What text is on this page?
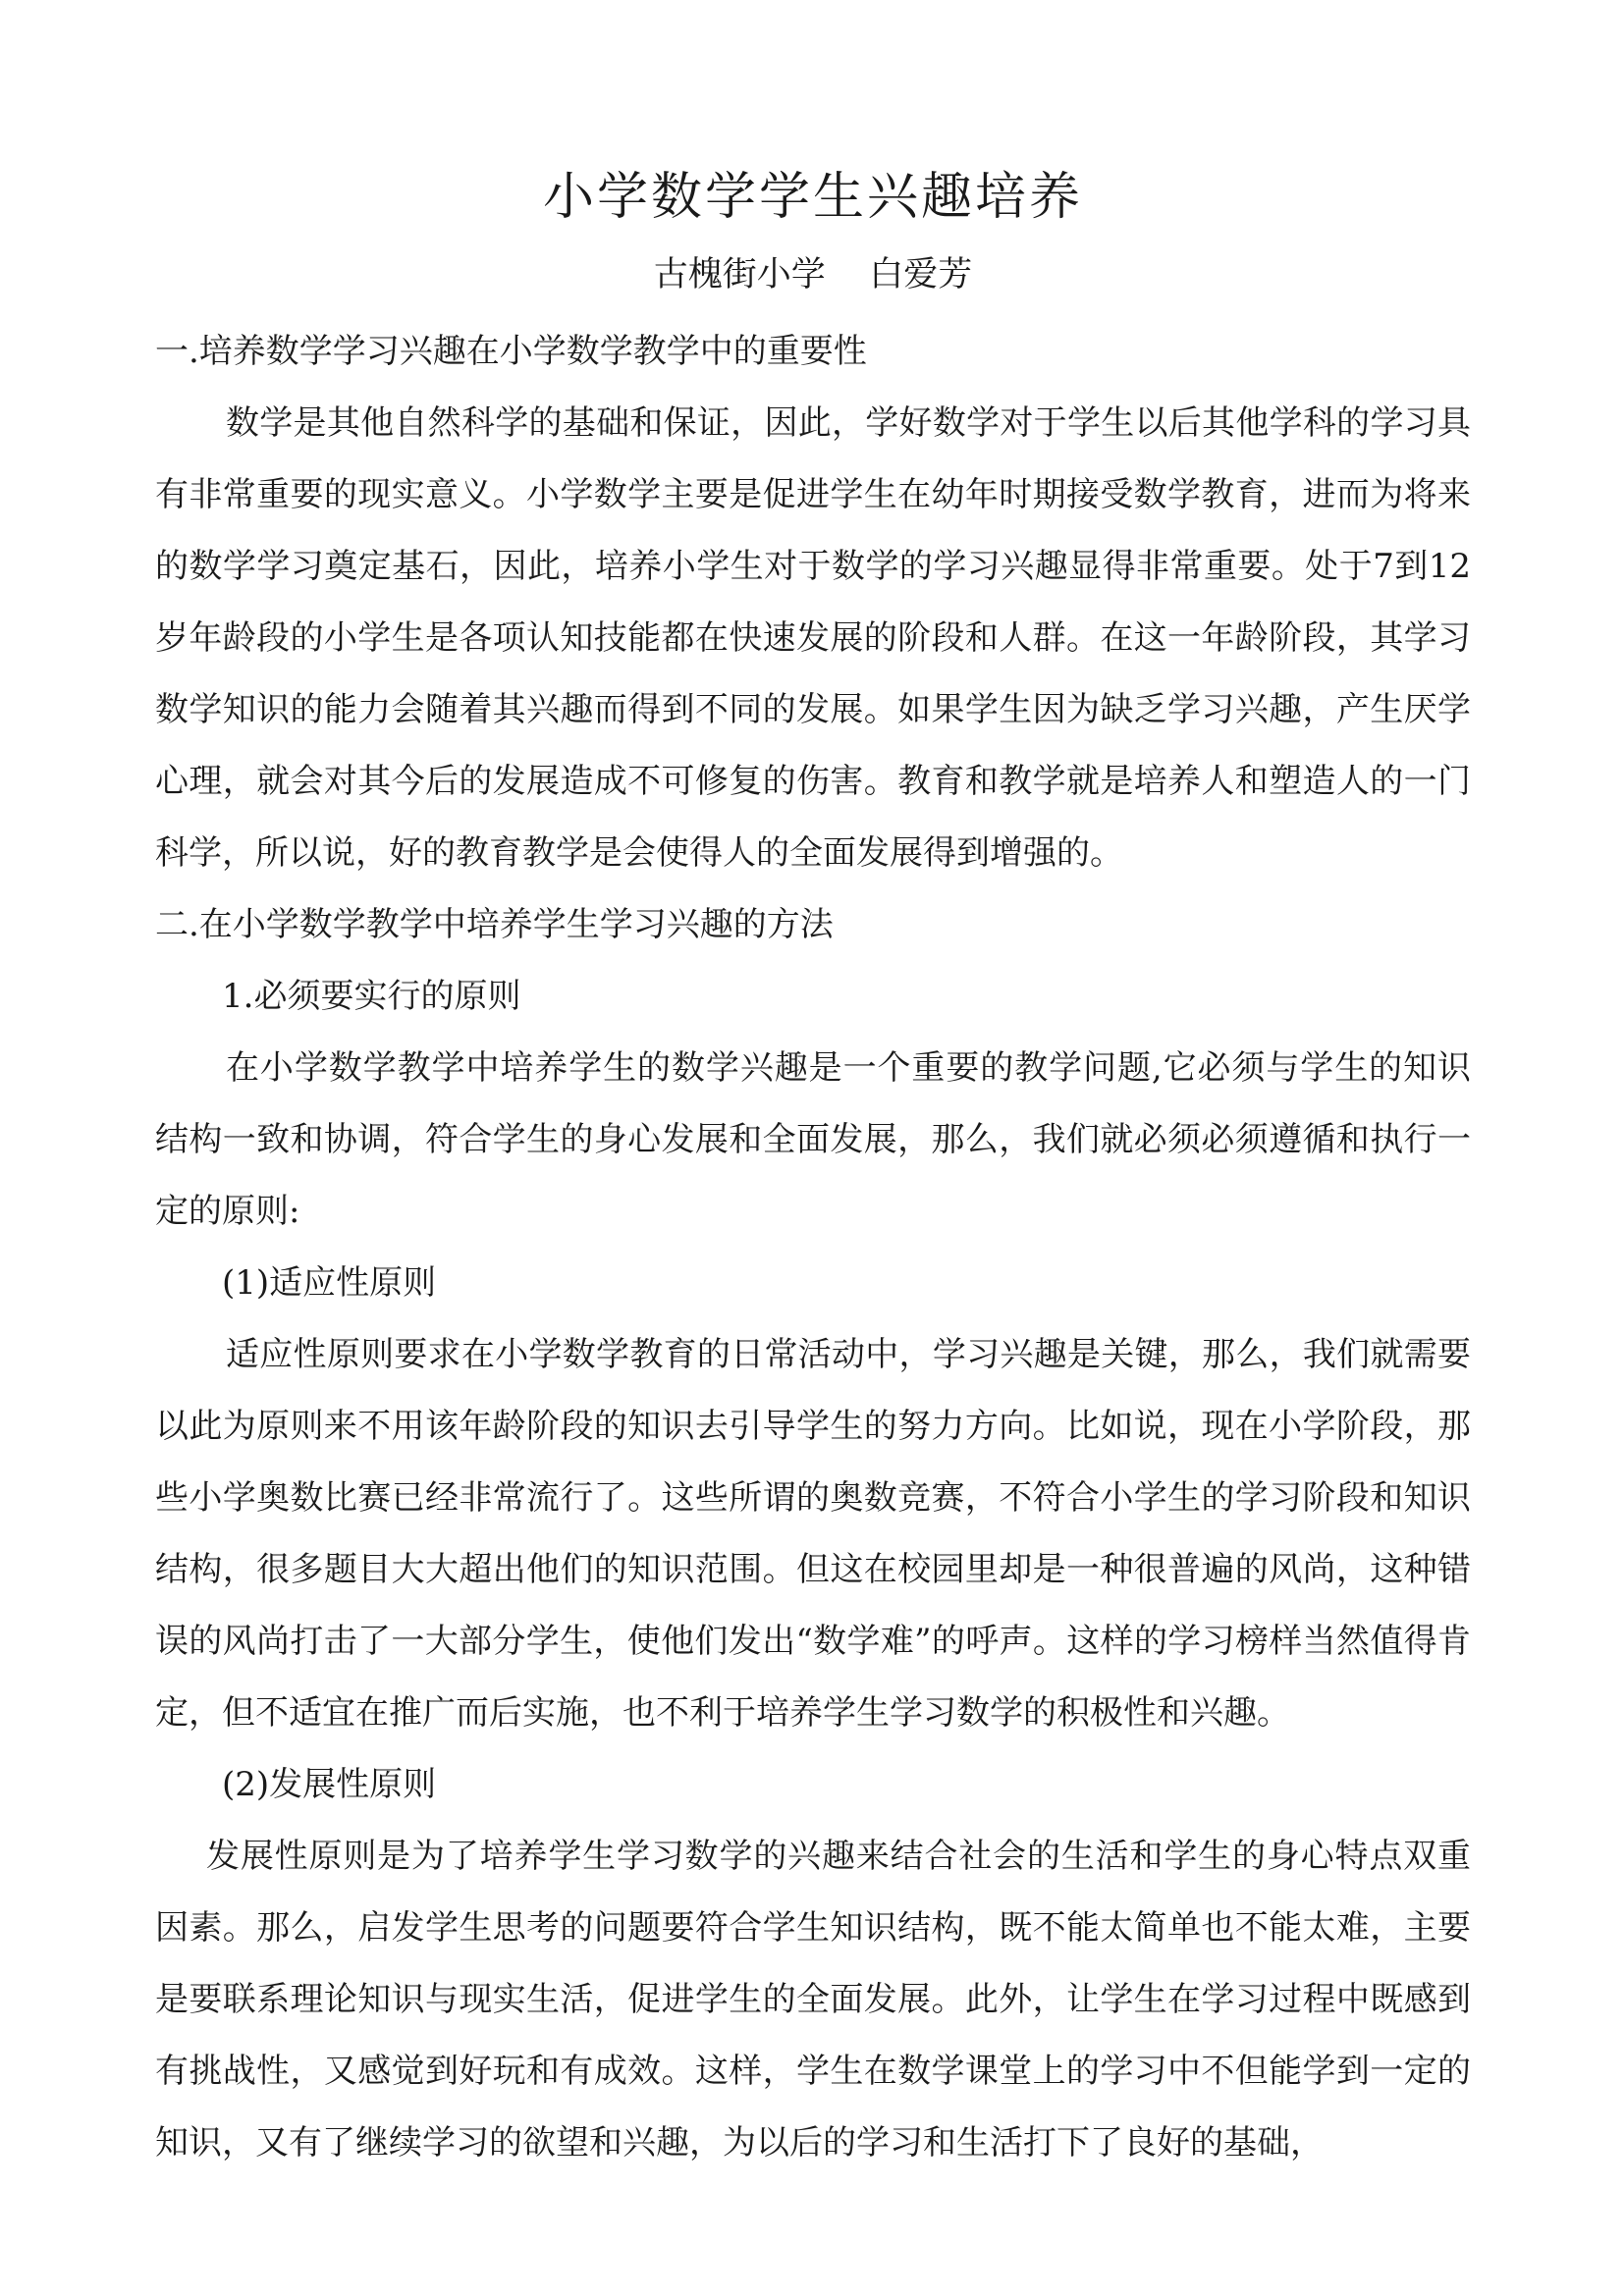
小学数学学生兴趣培养
古槐街小学    白爱芳

一.培养数学学习兴趣在小学数学教学中的重要性

数学是其他自然科学的基础和保证，因此，学好数学对于学生以后其他学科的学习具有非常重要的现实意义。小学数学主要是促进学生在幼年时期接受数学教育，进而为将来的数学学习奠定基石，因此，培养小学生对于数学的学习兴趣显得非常重要。处于7到12岁年龄段的小学生是各项认知技能都在快速发展的阶段和人群。在这一年龄阶段，其学习数学知识的能力会随着其兴趣而得到不同的发展。如果学生因为缺乏学习兴趣，产生厌学心理，就会对其今后的发展造成不可修复的伤害。教育和教学就是培养人和塑造人的一门科学，所以说，好的教育教学是会使得人的全面发展得到增强的。

二.在小学数学教学中培养学生学习兴趣的方法

1.必须要实行的原则

在小学数学教学中培养学生的数学兴趣是一个重要的教学问题,它必须与学生的知识结构一致和协调，符合学生的身心发展和全面发展，那么，我们就必须必须遵循和执行一定的原则:

(1)适应性原则

适应性原则要求在小学数学教育的日常活动中，学习兴趣是关键，那么，我们就需要以此为原则来不用该年龄阶段的知识去引导学生的努力方向。比如说，现在小学阶段，那些小学奥数比赛已经非常流行了。这些所谓的奥数竞赛，不符合小学生的学习阶段和知识结构，很多题目大大超出他们的知识范围。但这在校园里却是一种很普遍的风尚，这种错误的风尚打击了一大部分学生，使他们发出“数学难”的呼声。这样的学习榜样当然值得肯定，但不适宜在推广而后实施，也不利于培养学生学习数学的积极性和兴趣。

(2)发展性原则

发展性原则是为了培养学生学习数学的兴趣来结合社会的生活和学生的身心特点双重因素。那么，启发学生思考的问题要符合学生知识结构，既不能太简单也不能太难，主要是要联系理论知识与现实生活，促进学生的全面发展。此外，让学生在学习过程中既感到有挑战性，又感觉到好玩和有成效。这样，学生在数学课堂上的学习中不但能学到一定的知识，又有了继续学习的欲望和兴趣，为以后的学习和生活打下了良好的基础，
